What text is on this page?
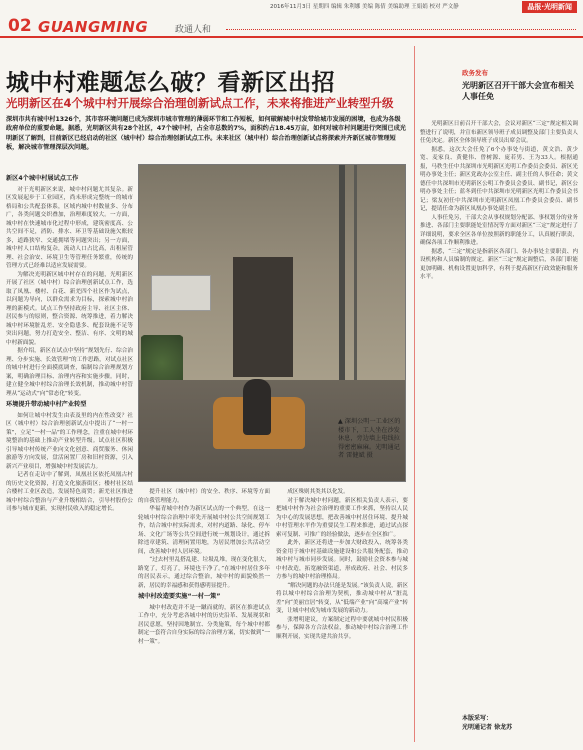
2016年11月3日 星期四 编辑 朱利娜 美编 陈倩 美编助理 王娟娟 校对 严文静	晶报·光明新闻
02 GUANGMING	政通人和
城中村难题怎么破？看新区出招
光明新区在4个城中村开展综合治理创新试点工作，未来将推进产业转型升级
深圳市共有城中村1326个，其市容环境问题已成为深圳市城市管理的薄弱环节和工作短板，如何破解城中村发带给城市发展的困境，也成为各级政府单位的重要命题。据悉，光明新区共有28个社区，47个城中村，占全市总数的7%，面积约占18.45万亩，如何对城市村问题进行突围已成光明新区了解到，目前新区已经启动的社区（城中村）综合治理创新试点工作。未来社区（城中村）综合治理创新试点将探索并齐新区城市管理短板，解决城市管理深层次问题。
新区4个城中村展试点工作

对于光明新区来说，城中村问题尤其复杂。新区发展起步于工业园区，尚未形成完整统一的城市格局和公共配套体系，区域内城中村数量多、分布广，各类问题交织叠加，治理难度较大。一方面，城中村在快速城市化过程中形成，建筑密度高、公共空间不足，消防、排水、环卫等基础设施欠账较多，道路狭窄、交通拥堵等问题突出；另一方面，城中村人口结构复杂，流动人口占比高，出租屋管理、社会治安、环境卫生等管理任务繁重，传统的管理方式已经难以适应发展需要。

为解决光明新区城中村存在的问题，光明新区开展了社区（城中村）综合治理创新试点工作，选取了凤凰、楼村、白花、新羌四个社区作为试点，以问题为导向，以群众需求为目标，探索城中村治理的新模式。试点工作坚持政府主导、社区主体、居民参与的原则，整合资源、统筹推进，着力解决城中村环境脏乱差、安全隐患多、配套设施不足等突出问题，努力打造安全、整洁、有序、文明的城中村新面貌。

据介绍，新区在试点中坚持“规划先行、综合治理、分步实施、长效管理”的工作思路，对试点社区的城中村进行全面摸底调查，编制综合治理规划方案，明确治理目标、治理内容和实施步骤。同时，建立健全城中村综合治理长效机制，推动城中村管理从“运动式”向“常态化”转变。

环境提升带动城中村产业转型

如何让城中村发生由表及里的内在性改变？社区（城中村）综合治理创新试点中提出了“一村一策”，立足“一村一品”的工作理念，注重在城中村环境整治的基础上推动产业转型升级。试点社区积极引导城中村传统产业向文化创意、商贸服务、休闲旅游等方向发展，盘活闲置厂房和旧村资源，引入新兴产业项目，增强城中村发展活力。

记者在走访中了解到，凤凰社区依托凤凰古村的历史文化资源，打造文化旅游街区；楼村社区结合楼村工业区改造，发展特色商贸；新羌社区推进城中村综合整治与产业升级相结合，引导村股份公司参与城市更新，实现村民收入的稳定增长。

▲ 深圳公明一工业区的楼市下，工人坐在沙发休息，旁边墙上电线拉得密密麻麻。光明通记者 雷健斌 摄

提升社区（城中村）的安全、秩序、环境等方面的自我管理能力。

华福青城中村作为新区试点的一个典型，在这一轮城中村综合治理中率先开展城中村公共空间规划工作，结合城中村实际需求，对村内道路、绿化、停车场、文化广场等公共空间进行统一规划设计，通过拆除违章建筑、清理闲置用地，为居民增加公共活动空间，改善城中村人居环境。

“过去村里乱搭乱建、垃圾乱堆，现在变化很大，路宽了，灯亮了，环境也干净了。”在城中村居住多年的居民表示，通过综合整治，城中村的面貌焕然一新，居民的幸福感和获得感明显提升。

城中村改造要实施“一村一策”

城中村改造并不是一蹴而就的，新区在推进试点工作中，充分考虑各城中村的历史沿革、发展现状和居民意愿，坚持因地制宜、分类施策，每个城中村都制定一套符合自身实际的综合治理方案，切实做到“一村一策”。

成区殊则其类其以化发。

对于解决城中村问题，新区相关负责人表示，要把城中村作为社会治理的重要工作来抓，坚持以人民为中心的发展思想，把改善城中村居住环境、提升城中村管理水平作为重要民生工程来推进，通过试点探索可复制、可推广的经验做法，逐步在全区推广。

此外，新区还将进一步加大财政投入，统筹各类资金用于城中村基础设施建设和公共服务配套，推动城中村与城市同步发展。同时，鼓励社会资本参与城中村改造，拓宽融资渠道，形成政府、社会、村民多方参与的城中村治理格局。

“解决问题的办法只能是发展。”该负责人说，新区将以城中村综合治理为契机，推动城中村从“脏乱差”向“美丽宜居”转变，从“低端产业”向“高端产业”转变，让城中村成为城市发展的新动力。

张增明建议，方案制定过程中要就城中村民积极参与，保障各方合法权益，推动城中村综合治理工作顺利开展，实现共建共治共享。

政务发布
光明新区召开干部大会宣布相关人事任免

光明新区日前召开干部大会，会议对新区“三定”规定相关调整进行了说明，并宣布新区领导班子成员调整及部门主要负责人任免决定。新区全体领导班子成员出席会议。

据悉，这次大会任免了6个办事处与街道，黄文浩、黄少宽、麦家良、黄健伟、曾树源、庞若男、王为33人。根据通报，马秩生任中共深圳市光明新区光明工作委员会委员、新区光明办事处主任；新区党政办公室主任、副主任的人事任命；黄文德任中共深圳市光明新区公明工作委员会委员、副书记，新区公明办事处主任；蓝冬到任中共深圳市光明新区光明工作委员会书记；梁友初任中共深圳市光明新区凤凰工作委员会委员、副书记，提请任命为新区凤凰办事处副主任。

人事任免另，干部大会从事权规划分配部、事权划分的业务推进、各部门主要职能处室情况等方面对新区“三定”规定进行了详细说明，要求全区各单位按照新的职能分工，认真履行职责，确保各项工作顺利推进。

据悉，“三定”规定是指新区各部门、各办事处主要职责、内设机构和人员编制的规定。新区“三定”规定调整后，各部门职能更加明确、机构设置更加科学，有利于提高新区行政效能和服务水平。

本版采写：
光明通记者 徐龙苏
